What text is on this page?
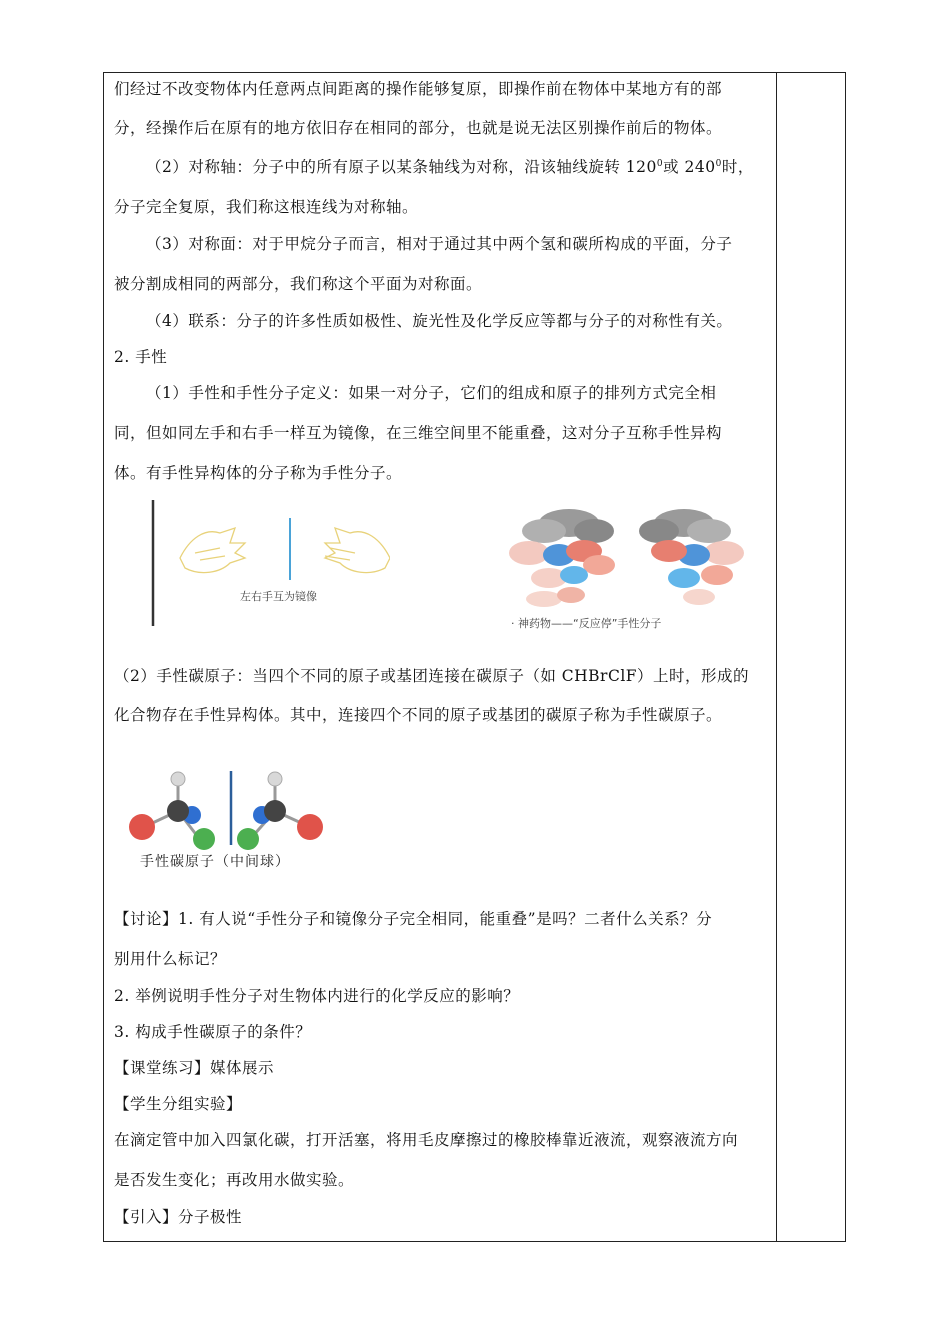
们经过不改变物体内任意两点间距离的操作能够复原，即操作前在物体中某地方有的部
分，经操作后在原有的地方依旧存在相同的部分，也就是说无法区别操作前后的物体。
（2）对称轴：分子中的所有原子以某条轴线为对称，沿该轴线旋转 $120^0$或 $240^0$时，
分子完全复原，我们称这根连线为对称轴。
（3）对称面：对于甲烷分子而言，相对于通过其中两个氢和碳所构成的平面，分子
被分割成相同的两部分，我们称这个平面为对称面。
（4）联系：分子的许多性质如极性、旋光性及化学反应等都与分子的对称性有关。
2. 手性
（1）手性和手性分子定义：如果一对分子，它们的组成和原子的排列方式完全相
同，但如同左手和右手一样互为镜像，在三维空间里不能重叠，这对分子互称手性异构
体。有手性异构体的分子称为手性分子。
左右手互为镜像
· 神药物——“反应停”手性分子
（2）手性碳原子：当四个不同的原子或基团连接在碳原子（如 CHBrClF）上时，形成的
化合物存在手性异构体。其中，连接四个不同的原子或基团的碳原子称为手性碳原子。
手性碳原子（中间球）
【讨论】1. 有人说“手性分子和镜像分子完全相同，能重叠”是吗？二者什么关系？分
别用什么标记？
2. 举例说明手性分子对生物体内进行的化学反应的影响？
3. 构成手性碳原子的条件？
【课堂练习】媒体展示
【学生分组实验】
在滴定管中加入四氯化碳，打开活塞，将用毛皮摩擦过的橡胶棒靠近液流，观察液流方向
是否发生变化；再改用水做实验。
【引入】分子极性
